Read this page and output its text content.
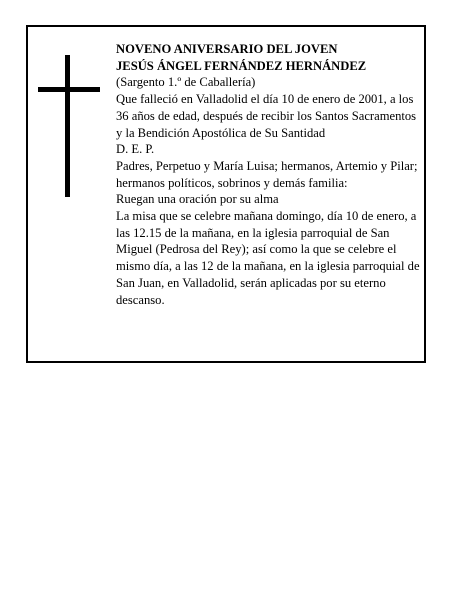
NOVENO ANIVERSARIO DEL JOVEN

JESÚS ÁNGEL FERNÁNDEZ HERNÁNDEZ

(Sargento 1.º de Caballería)

Que falleció en Valladolid el día 10 de enero de 2001, a los 36 años de edad, después de recibir los Santos Sacramentos y la Bendición Apostólica de Su Santidad

D. E. P.

Padres, Perpetuo y María Luisa; hermanos, Artemio y Pilar; hermanos políticos, sobrinos y demás familia:

Ruegan una oración por su alma

La misa que se celebre mañana domingo, día 10 de enero, a las 12.15 de la mañana, en la iglesia parroquial de San Miguel (Pedrosa del Rey); así como la que se celebre el mismo día, a las 12 de la mañana, en la iglesia parroquial de San Juan, en Valladolid, serán aplicadas por su eterno descanso.
